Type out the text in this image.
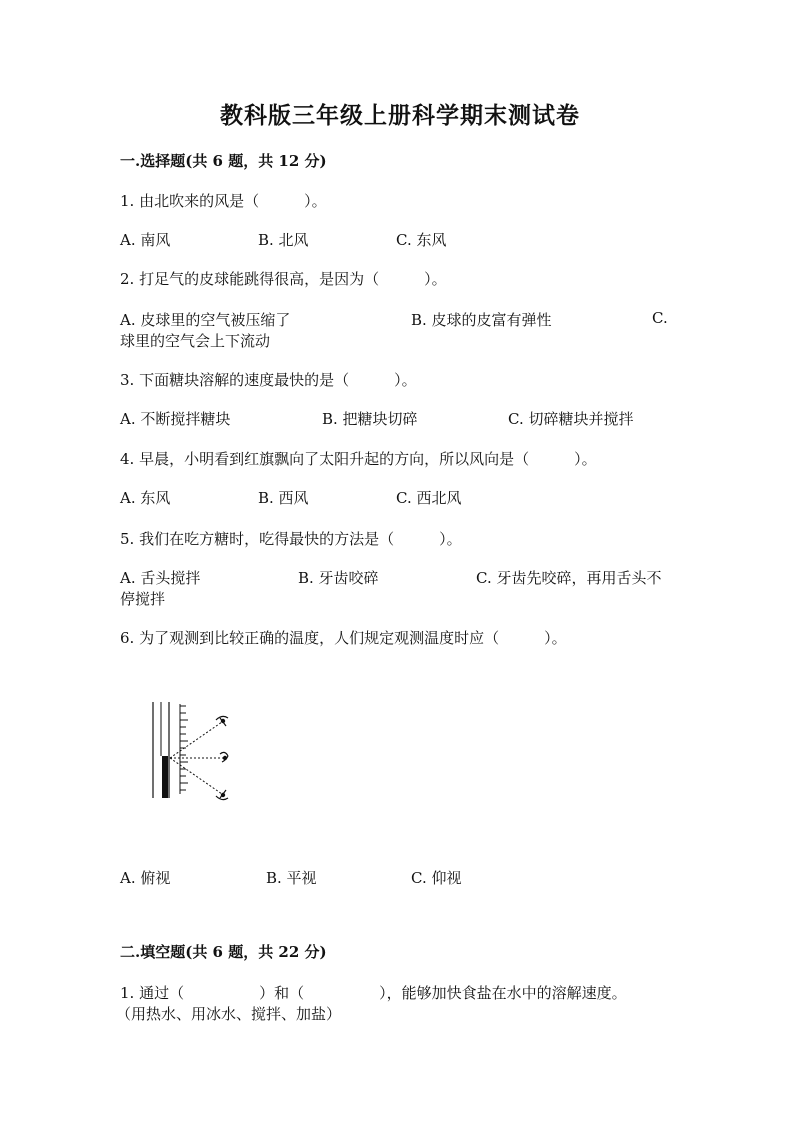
教科版三年级上册科学期末测试卷
一.选择题(共 6 题，共 12 分)
1. 由北吹来的风是（　　　）。
A. 南风	B. 北风	C. 东风
2. 打足气的皮球能跳得很高，是因为（　　　）。
A. 皮球里的空气被压缩了	B. 皮球的皮富有弹性	C.
球里的空气会上下流动
3. 下面糖块溶解的速度最快的是（　　　）。
A. 不断搅拌糖块	B. 把糖块切碎	C. 切碎糖块并搅拌
4. 早晨，小明看到红旗飘向了太阳升起的方向，所以风向是（　　　）。
A. 东风	B. 西风	C. 西北风
5. 我们在吃方糖时，吃得最快的方法是（　　　）。
A. 舌头搅拌	B. 牙齿咬碎	C. 牙齿先咬碎，再用舌头不
停搅拌
6. 为了观测到比较正确的温度，人们规定观测温度时应（　　　）。
A. 俯视	B. 平视	C. 仰视
二.填空题(共 6 题，共 22 分)
1. 通过（　　　　　）和（　　　　　），能够加快食盐在水中的溶解速度。
（用热水、用冰水、搅拌、加盐）
